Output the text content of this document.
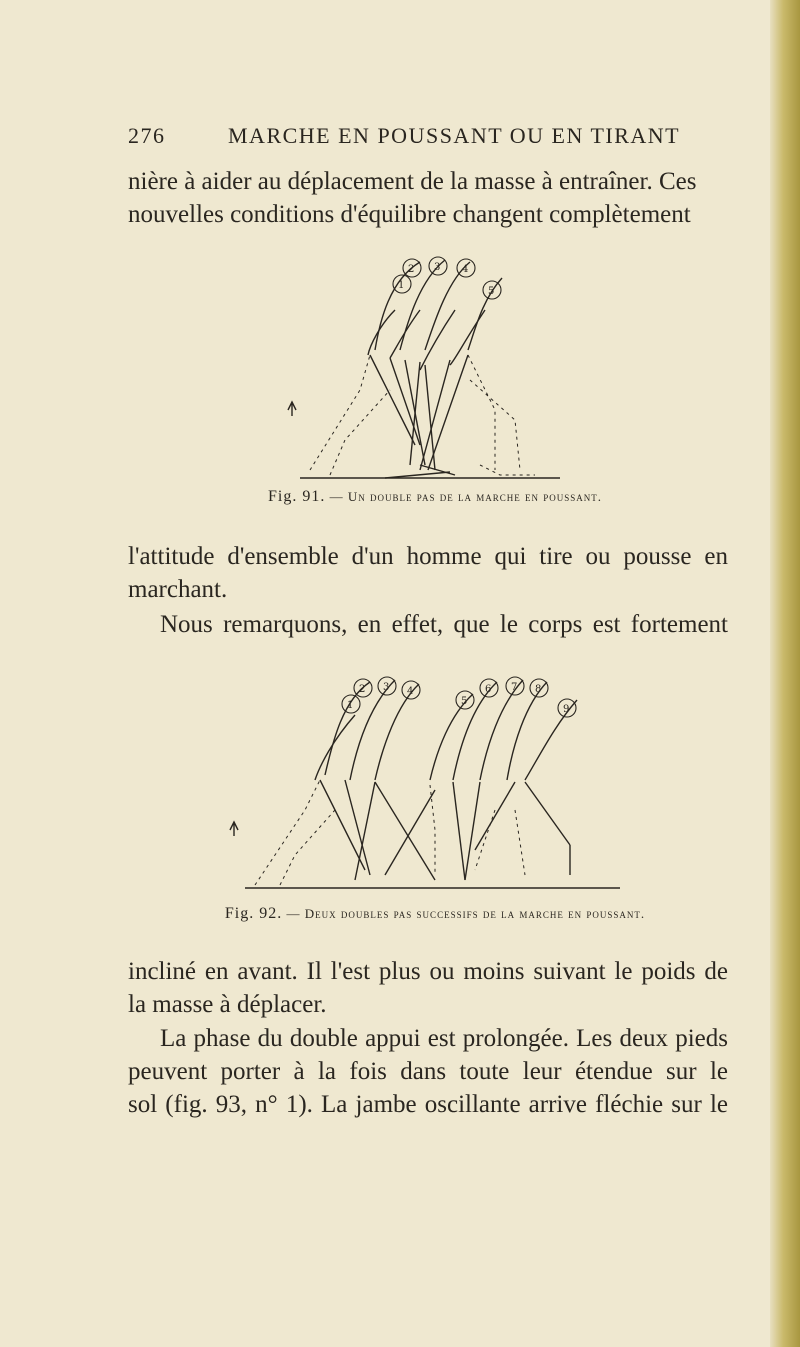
276	MARCHE EN POUSSANT OU EN TIRANT
nière à aider au déplacement de la masse à entraîner. Ces
nouvelles conditions d'équilibre changent complètement
1
2 3 4
5
Fig. 91. — Un double pas de la marche en poussant.
l'attitude d'ensemble d'un homme qui tire ou pousse en
marchant.
Nous remarquons, en effet, que le corps est fortement
1
2 3 4
5
6 7 8
9
Fig. 92. — Deux doubles pas successifs de la marche en poussant.
incliné en avant. Il l'est plus ou moins suivant le poids de
la masse à déplacer.
La phase du double appui est prolongée. Les deux pieds
peuvent porter à la fois dans toute leur étendue sur le
sol (fig. 93, n° 1). La jambe oscillante arrive fléchie sur le
